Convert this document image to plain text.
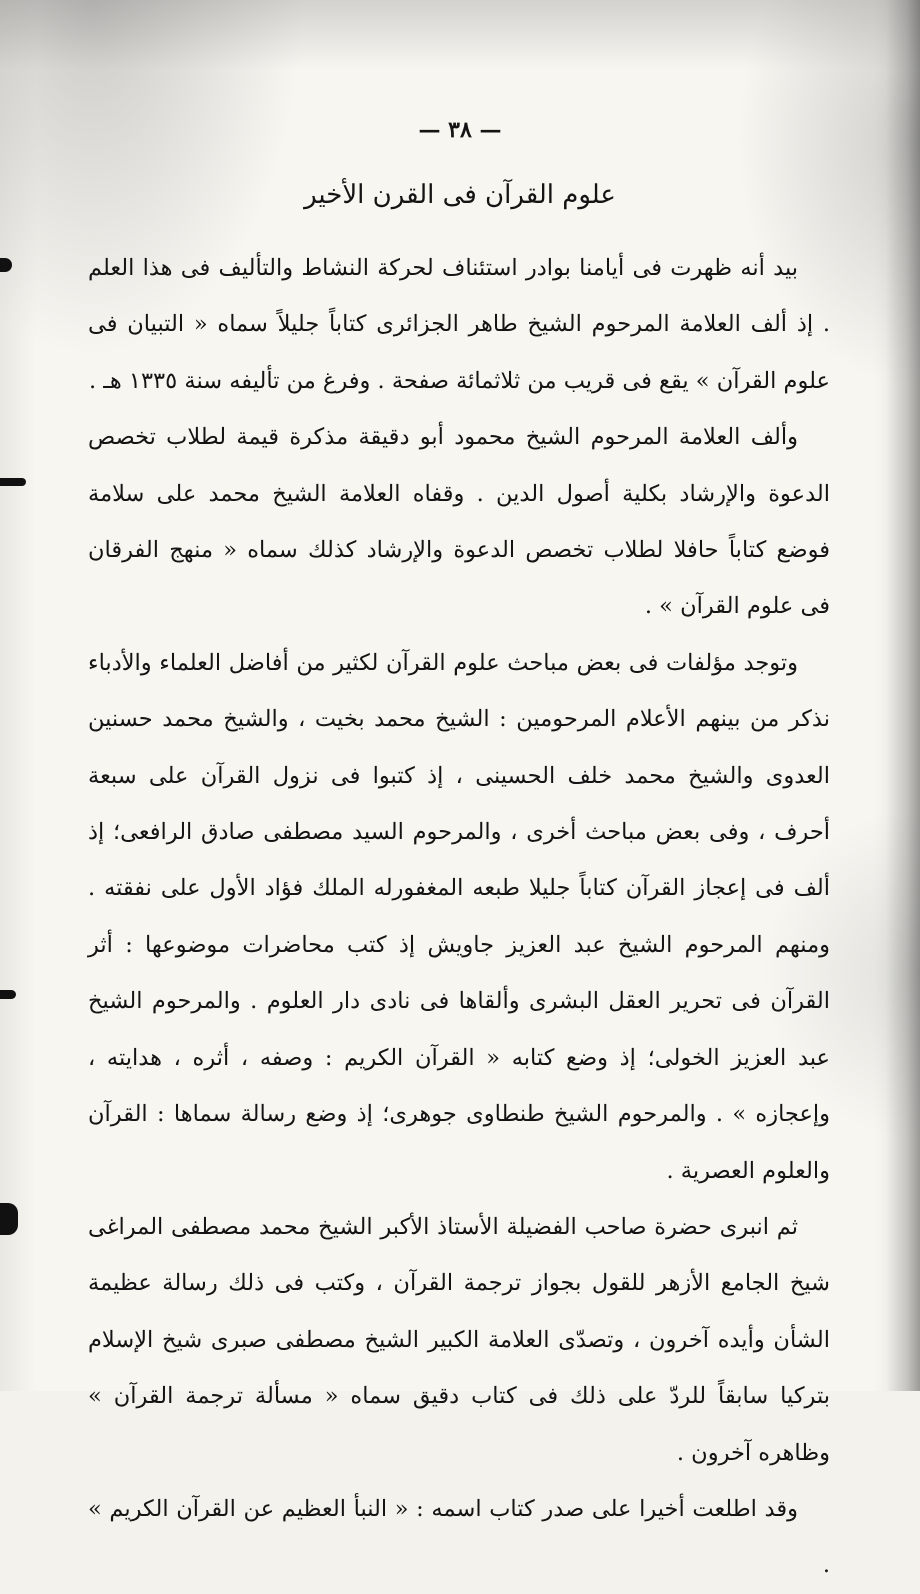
— ٣٨ —
علوم القرآن فى القرن الأخير

بيد أنه ظهرت فى أيامنا بوادر استئناف لحركة النشاط والتأليف فى هذا العلم . إذ ألف العلامة المرحوم الشيخ طاهر الجزائرى كتاباً جليلاً سماه « التبيان فى علوم القرآن » يقع فى قريب من ثلاثمائة صفحة . وفرغ من تأليفه سنة ١٣٣٥ هـ .

وألف العلامة المرحوم الشيخ محمود أبو دقيقة مذكرة قيمة لطلاب تخصص الدعوة والإرشاد بكلية أصول الدين . وقفاه العلامة الشيخ محمد على سلامة فوضع كتاباً حافلا لطلاب تخصص الدعوة والإرشاد كذلك سماه « منهج الفرقان فى علوم القرآن » .

وتوجد مؤلفات فى بعض مباحث علوم القرآن لكثير من أفاضل العلماء والأدباء نذكر من بينهم الأعلام المرحومين : الشيخ محمد بخيت ، والشيخ محمد حسنين العدوى والشيخ محمد خلف الحسينى ، إذ كتبوا فى نزول القرآن على سبعة أحرف ، وفى بعض مباحث أخرى ، والمرحوم السيد مصطفى صادق الرافعى؛ إذ ألف فى إعجاز القرآن كتاباً جليلا طبعه المغفورله الملك فؤاد الأول على نفقته . ومنهم المرحوم الشيخ عبد العزيز جاويش إذ كتب محاضرات موضوعها : أثر القرآن فى تحرير العقل البشرى وألقاها فى نادى دار العلوم . والمرحوم الشيخ عبد العزيز الخولى؛ إذ وضع كتابه « القرآن الكريم : وصفه ، أثره ، هدايته ، وإعجازه » . والمرحوم الشيخ طنطاوى جوهرى؛ إذ وضع رسالة سماها : القرآن والعلوم العصرية .

ثم انبرى حضرة صاحب الفضيلة الأستاذ الأكبر الشيخ محمد مصطفى المراغى شيخ الجامع الأزهر للقول بجواز ترجمة القرآن ، وكتب فى ذلك رسالة عظيمة الشأن وأيده آخرون ، وتصدّى العلامة الكبير الشيخ مصطفى صبرى شيخ الإسلام بتركيا سابقاً للردّ على ذلك فى كتاب دقيق سماه « مسألة ترجمة القرآن » وظاهره آخرون .

وقد اطلعت أخيرا على صدر كتاب اسمه : « النبأ العظيم عن القرآن الكريم » .
